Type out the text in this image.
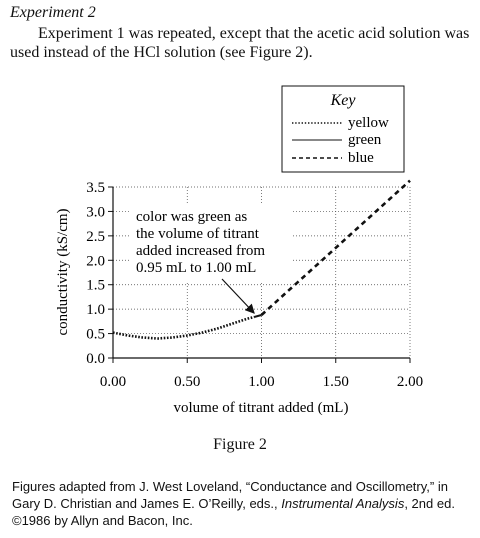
Experiment 2
Experiment 1 was repeated, except that the acetic acid solution was used instead of the HCl solution (see Figure 2).
0.0
0.5
1.0
1.5
2.0
2.5
3.0
3.5
0.00	0.50	1.00	1.50	2.00
color was green as
the volume of titrant
added increased from
0.95 mL to 1.00 mL
Key
yellow
green
blue
conductivity (kS/cm)
volume of titrant added (mL)
Figure 2
Figures adapted from J. West Loveland, “Conductance and Oscillometry,” in Gary D. Christian and James E. O’Reilly, eds., Instrumental Analysis, 2nd ed. ©1986 by Allyn and Bacon, Inc.
